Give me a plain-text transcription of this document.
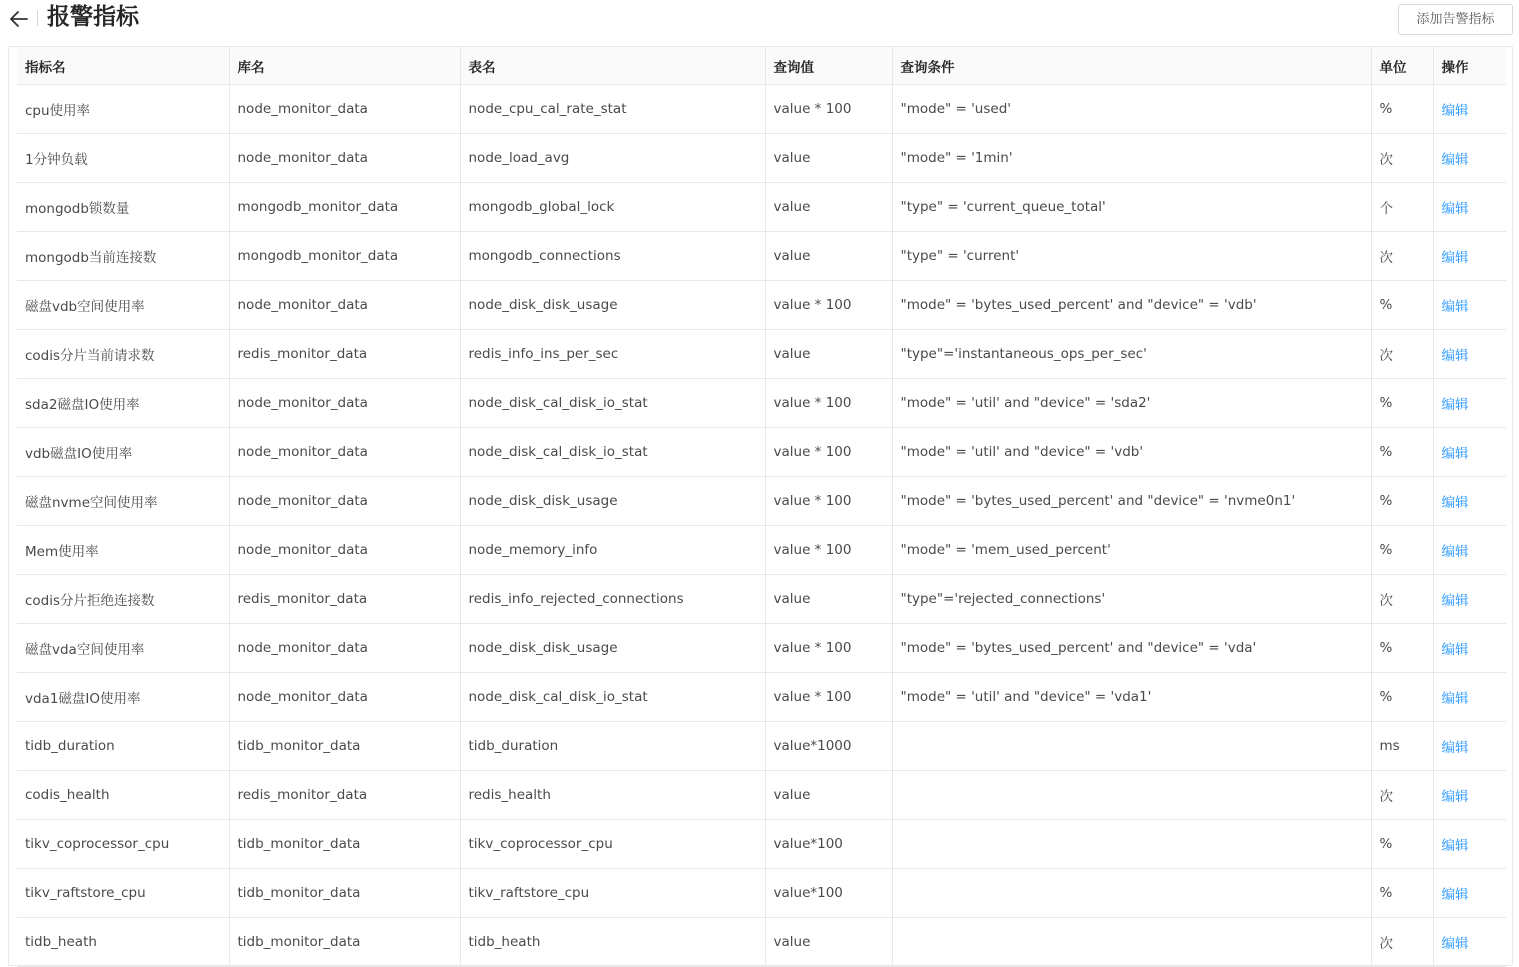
报警指标	添加告警指标
指标名	库名	表名	查询值	查询条件	单位	操作
cpu使用率	node_monitor_data	node_cpu_cal_rate_stat	value * 100	"mode" = 'used'	%	编辑
1分钟负载	node_monitor_data	node_load_avg	value	"mode" = '1min'	次	编辑
mongodb锁数量	mongodb_monitor_data	mongodb_global_lock	value	"type" = 'current_queue_total'	个	编辑
mongodb当前连接数	mongodb_monitor_data	mongodb_connections	value	"type" = 'current'	次	编辑
磁盘vdb空间使用率	node_monitor_data	node_disk_disk_usage	value * 100	"mode" = 'bytes_used_percent' and "device" = 'vdb'	%	编辑
codis分片当前请求数	redis_monitor_data	redis_info_ins_per_sec	value	"type"='instantaneous_ops_per_sec'	次	编辑
sda2磁盘IO使用率	node_monitor_data	node_disk_cal_disk_io_stat	value * 100	"mode" = 'util' and "device" = 'sda2'	%	编辑
vdb磁盘IO使用率	node_monitor_data	node_disk_cal_disk_io_stat	value * 100	"mode" = 'util' and "device" = 'vdb'	%	编辑
磁盘nvme空间使用率	node_monitor_data	node_disk_disk_usage	value * 100	"mode" = 'bytes_used_percent' and "device" = 'nvme0n1'	%	编辑
Mem使用率	node_monitor_data	node_memory_info	value * 100	"mode" = 'mem_used_percent'	%	编辑
codis分片拒绝连接数	redis_monitor_data	redis_info_rejected_connections	value	"type"='rejected_connections'	次	编辑
磁盘vda空间使用率	node_monitor_data	node_disk_disk_usage	value * 100	"mode" = 'bytes_used_percent' and "device" = 'vda'	%	编辑
vda1磁盘IO使用率	node_monitor_data	node_disk_cal_disk_io_stat	value * 100	"mode" = 'util' and "device" = 'vda1'	%	编辑
tidb_duration	tidb_monitor_data	tidb_duration	value*1000		ms	编辑
codis_health	redis_monitor_data	redis_health	value		次	编辑
tikv_coprocessor_cpu	tidb_monitor_data	tikv_coprocessor_cpu	value*100		%	编辑
tikv_raftstore_cpu	tidb_monitor_data	tikv_raftstore_cpu	value*100		%	编辑
tidb_heath	tidb_monitor_data	tidb_heath	value		次	编辑
